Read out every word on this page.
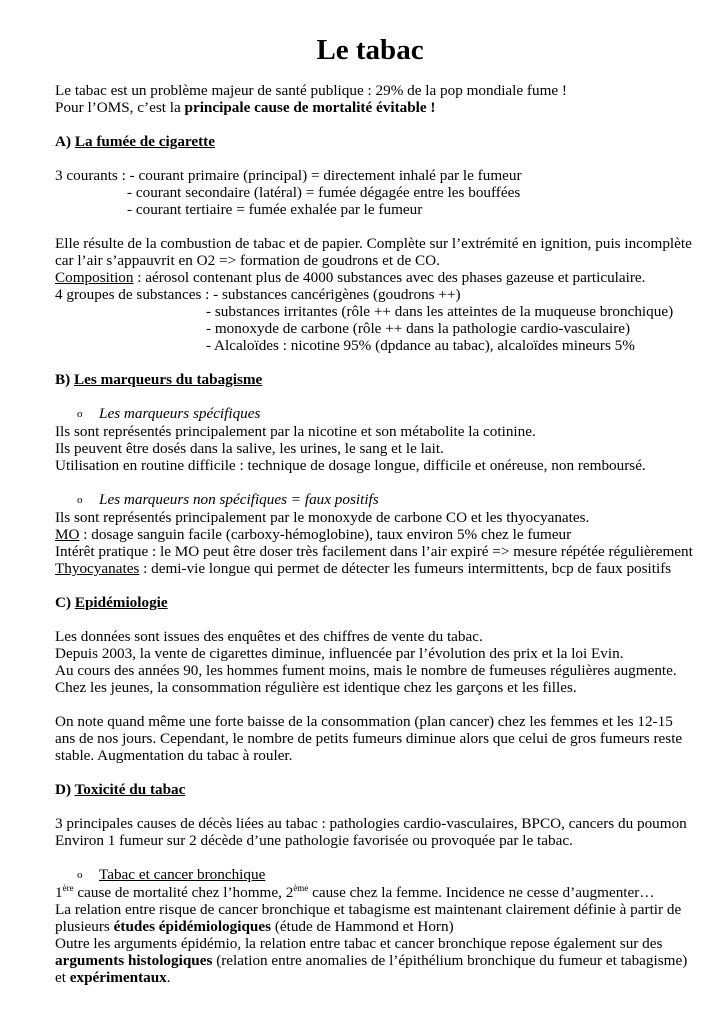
Le tabac

Le tabac est un problème majeur de santé publique : 29% de la pop mondiale fume !

Pour l’OMS, c’est la principale cause de mortalité évitable !

A) La fumée de cigarette

3 courants : - courant primaire (principal) = directement inhalé par le fumeur

- courant secondaire (latéral) = fumée dégagée entre les bouffées

- courant tertiaire = fumée exhalée par le fumeur

Elle résulte de la combustion de tabac et de papier. Complète sur l’extrémité en ignition, puis incomplète

car l’air s’appauvrit en O2 => formation de goudrons et de CO.

Composition : aérosol contenant plus de 4000 substances avec des phases gazeuse et particulaire.

4 groupes de substances : - substances cancérigènes (goudrons ++)

- substances irritantes (rôle ++ dans les atteintes de la muqueuse bronchique)

- monoxyde de carbone (rôle ++ dans la pathologie cardio-vasculaire)

- Alcaloïdes : nicotine 95% (dpdance au tabac), alcaloïdes mineurs 5%

B) Les marqueurs du tabagisme

o Les marqueurs spécifiques

Ils sont représentés principalement par la nicotine et son métabolite la cotinine.

Ils peuvent être dosés dans la salive, les urines, le sang et le lait.

Utilisation en routine difficile : technique de dosage longue, difficile et onéreuse, non remboursé.

o Les marqueurs non spécifiques = faux positifs

Ils sont représentés principalement par le monoxyde de carbone CO et les thyocyanates.

MO : dosage sanguin facile (carboxy-hémoglobine), taux environ 5% chez le fumeur

Intérêt pratique : le MO peut être doser très facilement dans l’air expiré => mesure répétée régulièrement

Thyocyanates : demi-vie longue qui permet de détecter les fumeurs intermittents, bcp de faux positifs

C) Epidémiologie

Les données sont issues des enquêtes et des chiffres de vente du tabac.

Depuis 2003, la vente de cigarettes diminue, influencée par l’évolution des prix et la loi Evin.

Au cours des années 90, les hommes fument moins, mais le nombre de fumeuses régulières augmente.

Chez les jeunes, la consommation régulière est identique chez les garçons et les filles.

On note quand même une forte baisse de la consommation (plan cancer) chez les femmes et les 12-15

ans de nos jours. Cependant, le nombre de petits fumeurs diminue alors que celui de gros fumeurs reste

stable. Augmentation du tabac à rouler.

D) Toxicité du tabac

3 principales causes de décès liées au tabac : pathologies cardio-vasculaires, BPCO, cancers du poumon

Environ 1 fumeur sur 2 décède d’une pathologie favorisée ou provoquée par le tabac.

o Tabac et cancer bronchique

1ère cause de mortalité chez l’homme, 2ème cause chez la femme. Incidence ne cesse d’augmenter…

La relation entre risque de cancer bronchique et tabagisme est maintenant clairement définie à partir de

plusieurs études épidémiologiques (étude de Hammond et Horn)

Outre les arguments épidémio, la relation entre tabac et cancer bronchique repose également sur des

arguments histologiques (relation entre anomalies de l’épithélium bronchique du fumeur et tabagisme)

et expérimentaux.
